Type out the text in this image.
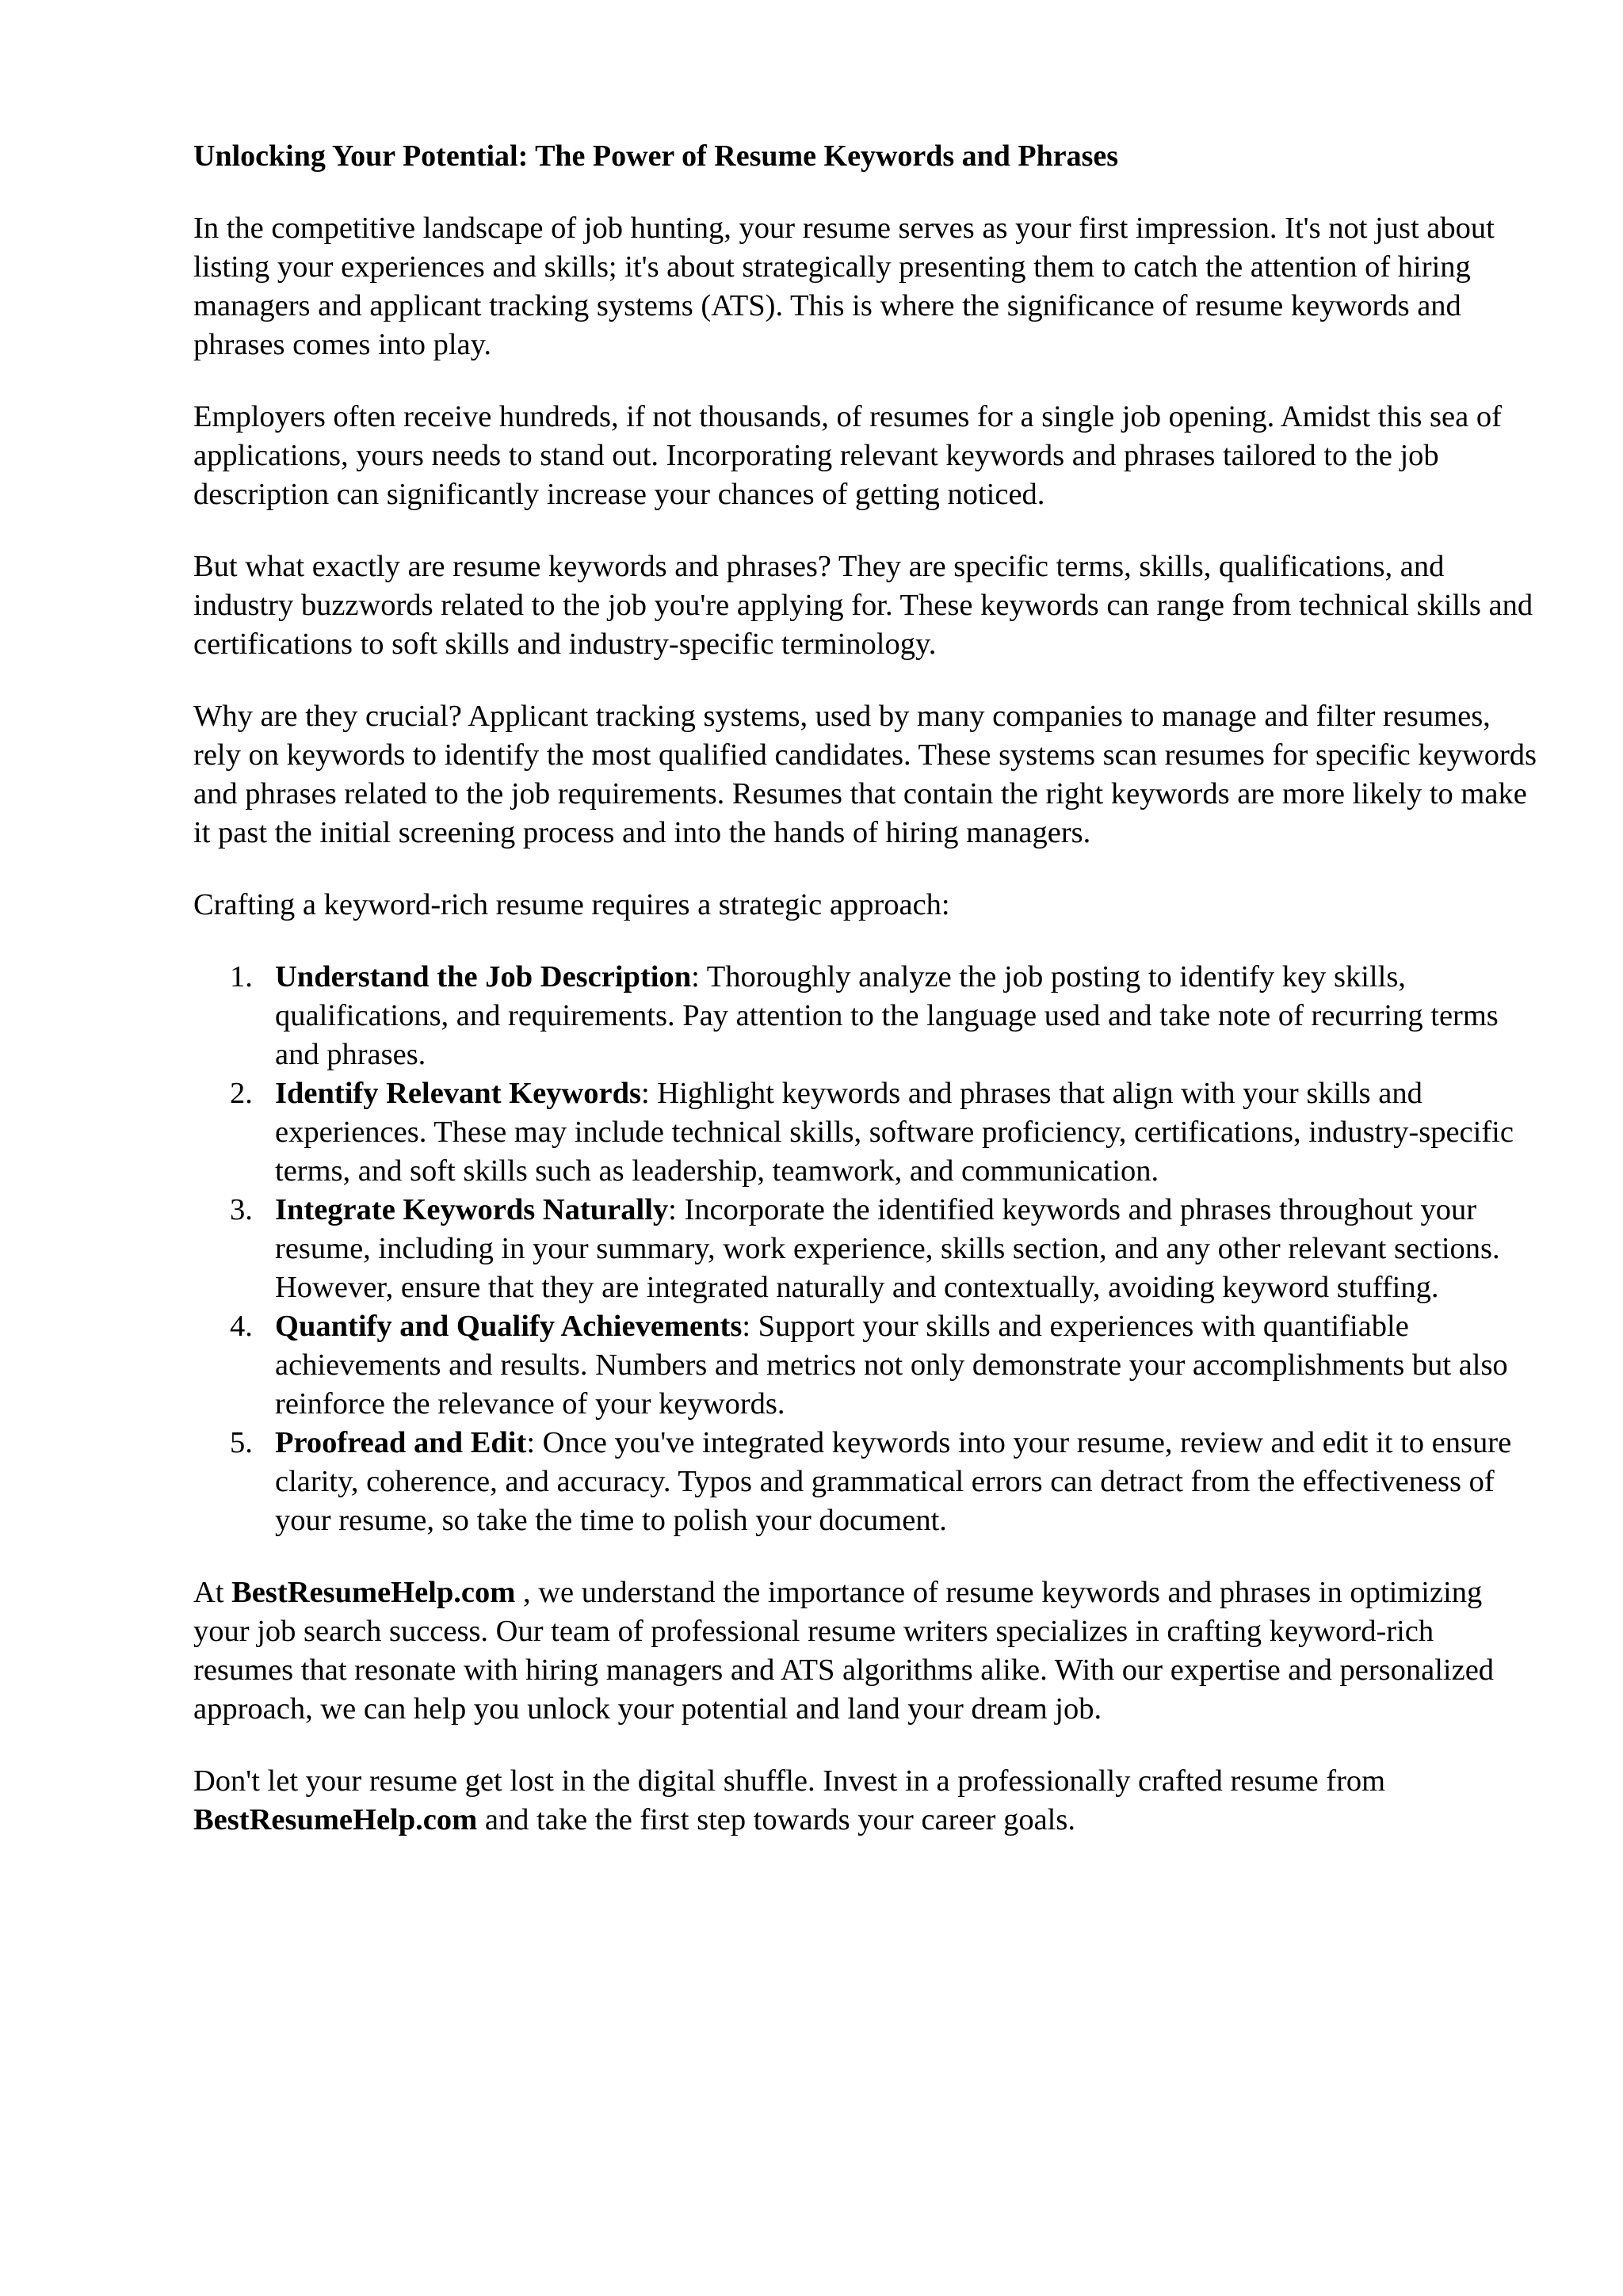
Unlocking Your Potential: The Power of Resume Keywords and Phrases

In the competitive landscape of job hunting, your resume serves as your first impression. It's not just about listing your experiences and skills; it's about strategically presenting them to catch the attention of hiring managers and applicant tracking systems (ATS). This is where the significance of resume keywords and phrases comes into play.

Employers often receive hundreds, if not thousands, of resumes for a single job opening. Amidst this sea of applications, yours needs to stand out. Incorporating relevant keywords and phrases tailored to the job description can significantly increase your chances of getting noticed.

But what exactly are resume keywords and phrases? They are specific terms, skills, qualifications, and industry buzzwords related to the job you're applying for. These keywords can range from technical skills and certifications to soft skills and industry-specific terminology.

Why are they crucial? Applicant tracking systems, used by many companies to manage and filter resumes, rely on keywords to identify the most qualified candidates. These systems scan resumes for specific keywords and phrases related to the job requirements. Resumes that contain the right keywords are more likely to make it past the initial screening process and into the hands of hiring managers.

Crafting a keyword-rich resume requires a strategic approach:

1. Understand the Job Description: Thoroughly analyze the job posting to identify key skills, qualifications, and requirements. Pay attention to the language used and take note of recurring terms and phrases.
2. Identify Relevant Keywords: Highlight keywords and phrases that align with your skills and experiences. These may include technical skills, software proficiency, certifications, industry-specific terms, and soft skills such as leadership, teamwork, and communication.
3. Integrate Keywords Naturally: Incorporate the identified keywords and phrases throughout your resume, including in your summary, work experience, skills section, and any other relevant sections. However, ensure that they are integrated naturally and contextually, avoiding keyword stuffing.
4. Quantify and Qualify Achievements: Support your skills and experiences with quantifiable achievements and results. Numbers and metrics not only demonstrate your accomplishments but also reinforce the relevance of your keywords.
5. Proofread and Edit: Once you've integrated keywords into your resume, review and edit it to ensure clarity, coherence, and accuracy. Typos and grammatical errors can detract from the effectiveness of your resume, so take the time to polish your document.

At BestResumeHelp.com , we understand the importance of resume keywords and phrases in optimizing your job search success. Our team of professional resume writers specializes in crafting keyword-rich resumes that resonate with hiring managers and ATS algorithms alike. With our expertise and personalized approach, we can help you unlock your potential and land your dream job.

Don't let your resume get lost in the digital shuffle. Invest in a professionally crafted resume from
BestResumeHelp.com and take the first step towards your career goals.
